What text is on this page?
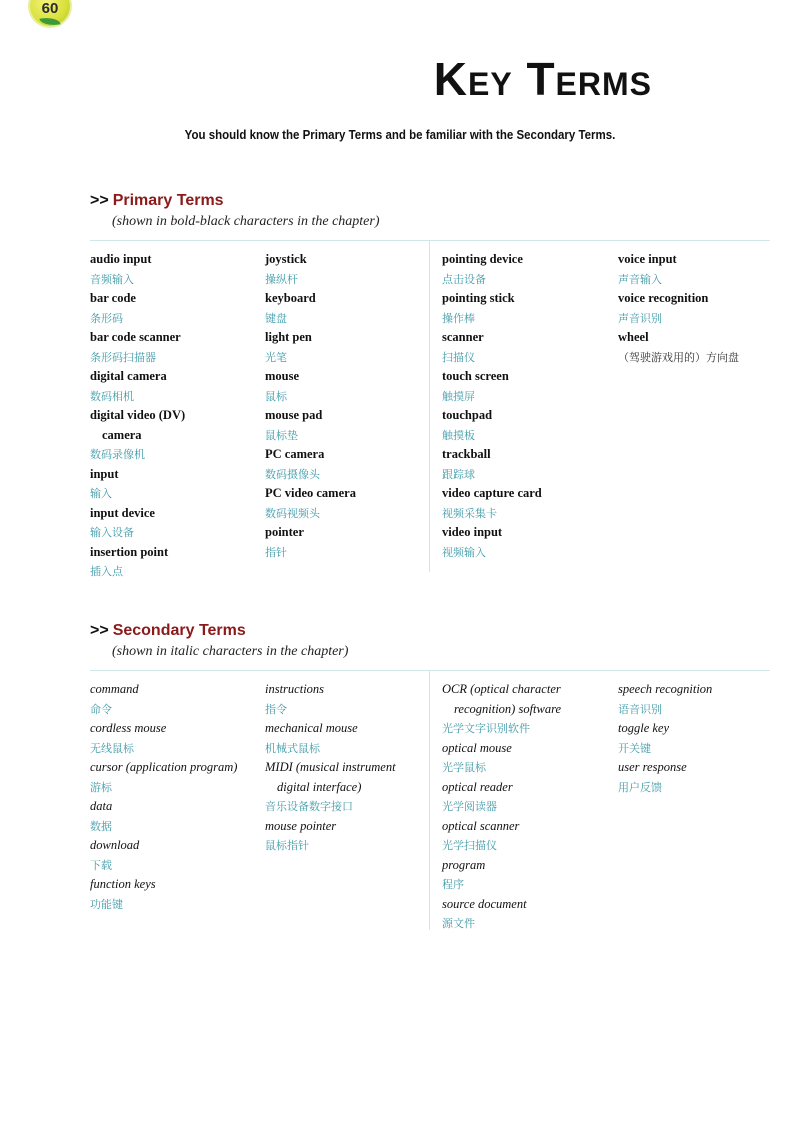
60
Key Terms
You should know the Primary Terms and be familiar with the Secondary Terms.
>> Primary Terms
(shown in bold-black characters in the chapter)
audio input
音频输入
bar code
条形码
bar code scanner
条形码扫描器
digital camera
数码相机
digital video (DV)
camera
数码录像机
input
输入
input device
输入设备
insertion point
插入点
joystick
操纵杆
keyboard
键盘
light pen
光笔
mouse
鼠标
mouse pad
鼠标垫
PC camera
数码摄像头
PC video camera
数码视频头
pointer
指针
pointing device
点击设备
pointing stick
操作棒
scanner
扫描仪
touch screen
触摸屏
touchpad
触摸板
trackball
跟踪球
video capture card
视频采集卡
video input
视频输入
voice input
声音输入
voice recognition
声音识别
wheel
（驾驶游戏用的）方向盘
>> Secondary Terms
(shown in italic characters in the chapter)
command
命令
cordless mouse
无线鼠标
cursor (application program)
游标
data
数据
download
下载
function keys
功能键
instructions
指令
mechanical mouse
机械式鼠标
MIDI (musical instrument
digital interface)
音乐设备数字接口
mouse pointer
鼠标指针
OCR (optical character
recognition) software
光学文字识别软件
optical mouse
光学鼠标
optical reader
光学阅读器
optical scanner
光学扫描仪
program
程序
source document
源文件
speech recognition
语音识别
toggle key
开关键
user response
用户反馈
